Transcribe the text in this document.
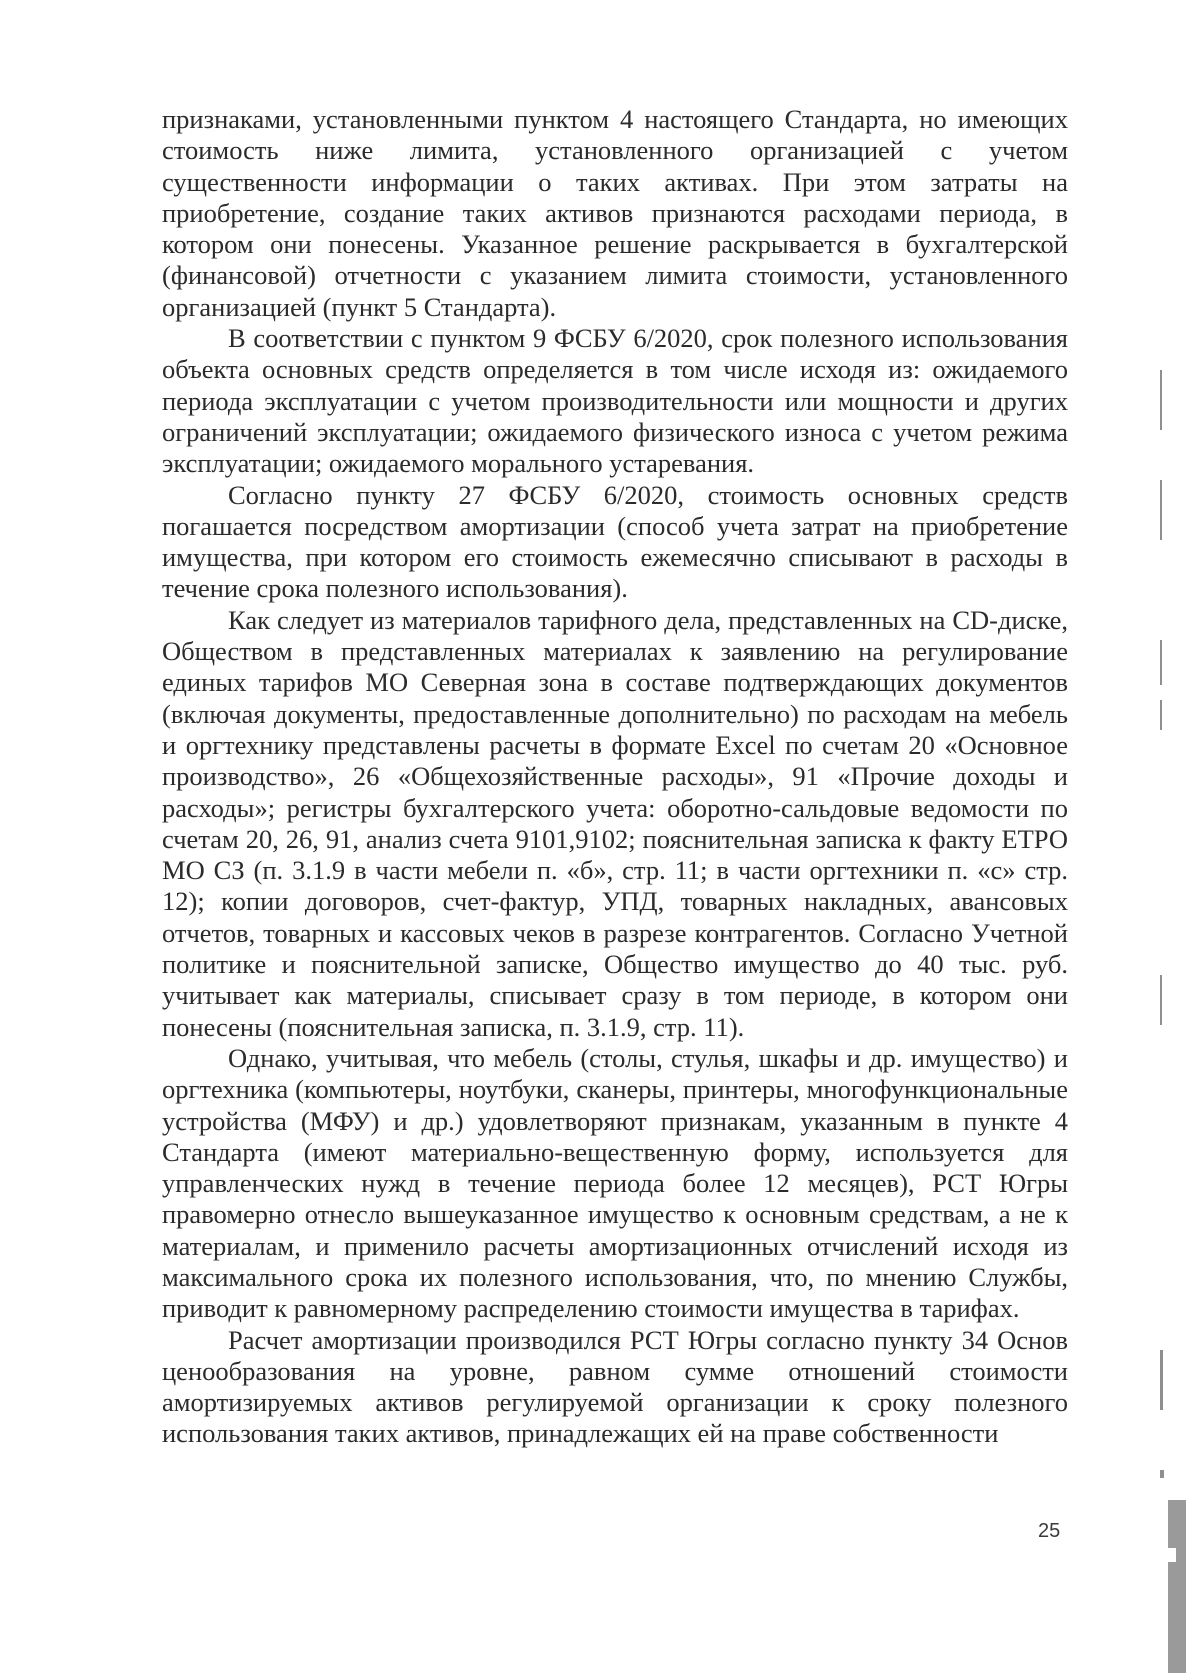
признаками, установленными пунктом 4 настоящего Стандарта, но имеющих стоимость ниже лимита, установленного организацией с учетом существенности информации о таких активах. При этом затраты на приобретение, создание таких активов признаются расходами периода, в котором они понесены. Указанное решение раскрывается в бухгалтерской (финансовой) отчетности с указанием лимита стоимости, установленного организацией (пункт 5 Стандарта).

В соответствии с пунктом 9 ФСБУ 6/2020, срок полезного использования объекта основных средств определяется в том числе исходя из: ожидаемого периода эксплуатации с учетом производительности или мощности и других ограничений эксплуатации; ожидаемого физического износа с учетом режима эксплуатации; ожидаемого морального устаревания.

Согласно пункту 27 ФСБУ 6/2020, стоимость основных средств погашается посредством амортизации (способ учета затрат на приобретение имущества, при котором его стоимость ежемесячно списывают в расходы в течение срока полезного использования).

Как следует из материалов тарифного дела, представленных на CD-диске, Обществом в представленных материалах к заявлению на регулирование единых тарифов МО Северная зона в составе подтверждающих документов (включая документы, предоставленные дополнительно) по расходам на мебель и оргтехнику представлены расчеты в формате Excel по счетам 20 «Основное производство», 26 «Общехозяйственные расходы», 91 «Прочие доходы и расходы»; регистры бухгалтерского учета: оборотно-сальдовые ведомости по счетам 20, 26, 91, анализ счета 9101,9102; пояснительная записка к факту ЕТРО МО СЗ (п. 3.1.9 в части мебели п. «б», стр. 11; в части оргтехники п. «с» стр. 12); копии договоров, счет-фактур, УПД, товарных накладных, авансовых отчетов, товарных и кассовых чеков в разрезе контрагентов. Согласно Учетной политике и пояснительной записке, Общество имущество до 40 тыс. руб. учитывает как материалы, списывает сразу в том периоде, в котором они понесены (пояснительная записка, п. 3.1.9, стр. 11).

Однако, учитывая, что мебель (столы, стулья, шкафы и др. имущество) и оргтехника (компьютеры, ноутбуки, сканеры, принтеры, многофункциональные устройства (МФУ) и др.) удовлетворяют признакам, указанным в пункте 4 Стандарта (имеют материально-вещественную форму, используется для управленческих нужд в течение периода более 12 месяцев), РСТ Югры правомерно отнесло вышеуказанное имущество к основным средствам, а не к материалам, и применило расчеты амортизационных отчислений исходя из максимального срока их полезного использования, что, по мнению Службы, приводит к равномерному распределению стоимости имущества в тарифах.

Расчет амортизации производился РСТ Югры согласно пункту 34 Основ ценообразования на уровне, равном сумме отношений стоимости амортизируемых активов регулируемой организации к сроку полезного использования таких активов, принадлежащих ей на праве собственности

25
